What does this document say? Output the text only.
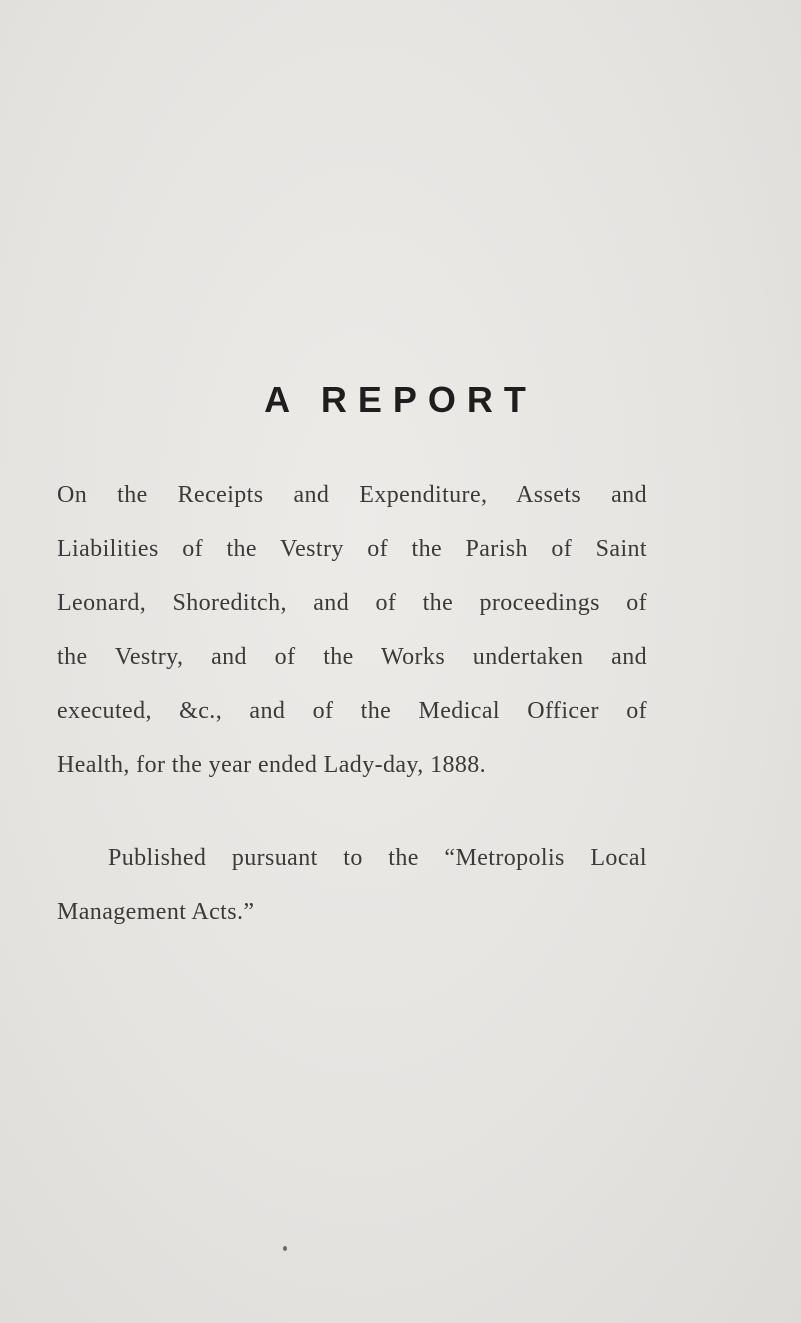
A REPORT

On the Receipts and Expenditure, Assets and
Liabilities of the Vestry of the Parish of Saint
Leonard, Shoreditch, and of the proceedings of
the Vestry, and of the Works undertaken and
executed, &c., and of the Medical Officer of
Health, for the year ended Lady-day, 1888.

Published pursuant to the “Metropolis Local
Management Acts.”
